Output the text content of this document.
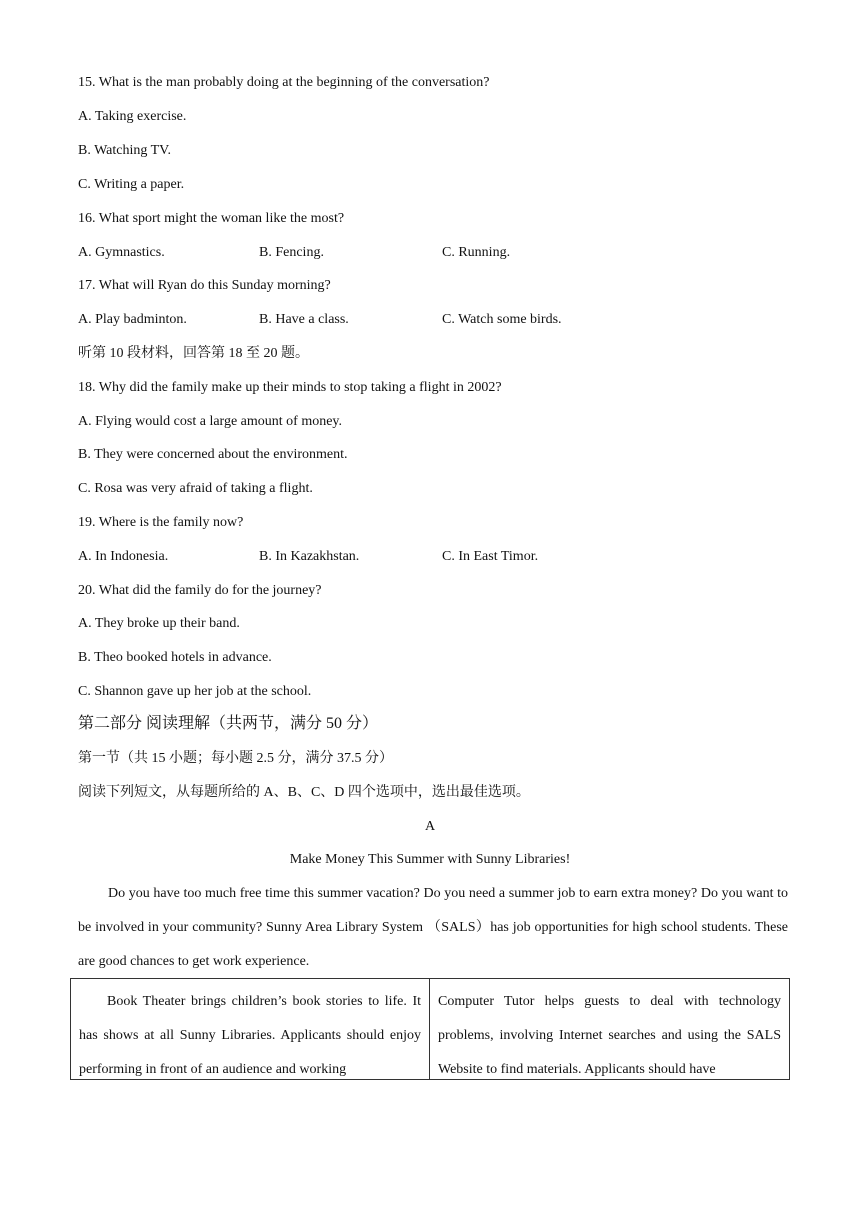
15. What is the man probably doing at the beginning of the conversation?
A. Taking exercise.
B. Watching TV.
C. Writing a paper.
16. What sport might the woman like the most?
A. Gymnastics.	B. Fencing.	C. Running.
17. What will Ryan do this Sunday morning?
A. Play badminton.	B. Have a class.	C. Watch some birds.
听第 10 段材料，回答第 18 至 20 题。
18. Why did the family make up their minds to stop taking a flight in 2002?
A. Flying would cost a large amount of money.
B. They were concerned about the environment.
C. Rosa was very afraid of taking a flight.
19. Where is the family now?
A. In Indonesia.	B. In Kazakhstan.	C. In East Timor.
20. What did the family do for the journey?
A. They broke up their band.
B. Theo booked hotels in advance.
C. Shannon gave up her job at the school.
第二部分 阅读理解（共两节，满分 50 分）
第一节（共 15 小题；每小题 2.5 分，满分 37.5 分）
阅读下列短文，从每题所给的 A、B、C、D 四个选项中，选出最佳选项。
A
Make Money This Summer with Sunny Libraries!
Do you have too much free time this summer vacation? Do you need a summer job to earn extra money? Do you want to be involved in your community? Sunny Area Library System （SALS）has job opportunities for high school students. These are good chances to get work experience.
Book Theater brings children’s book stories to life. It has shows at all Sunny Libraries. Applicants should enjoy performing in front of an audience and working
Computer Tutor helps guests to deal with technology problems, involving Internet searches and using the SALS Website to find materials. Applicants should have
